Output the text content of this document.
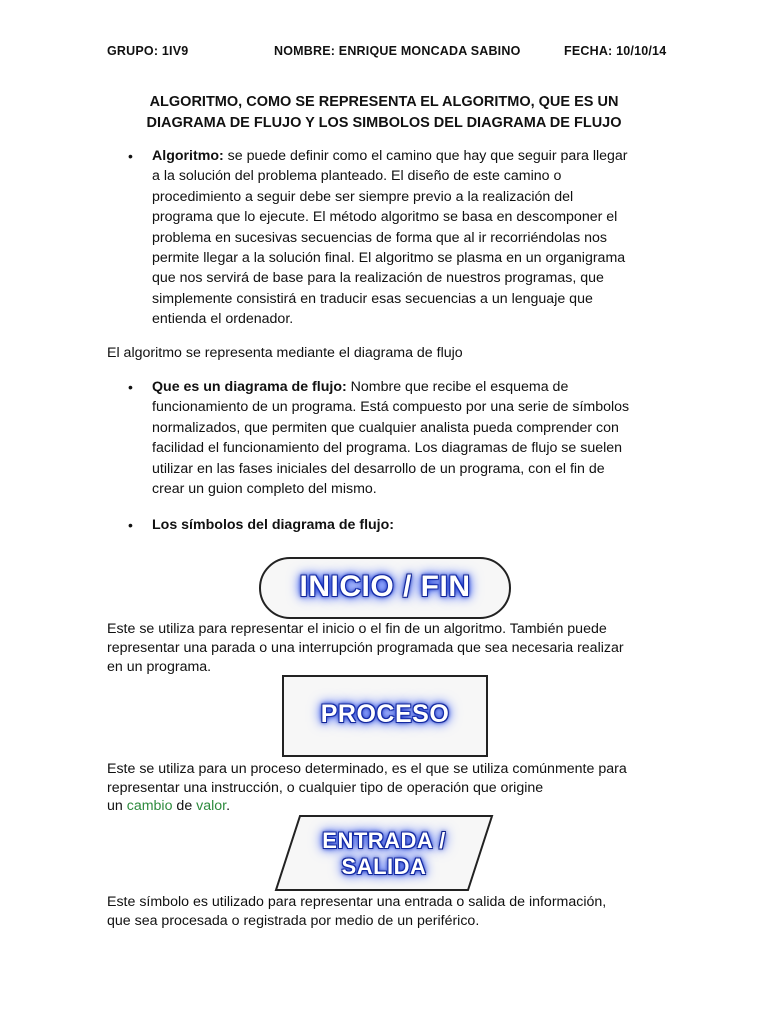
GRUPO: 1IV9	NOMBRE: ENRIQUE MONCADA SABINO	FECHA: 10/10/14
ALGORITMO, COMO SE REPRESENTA EL ALGORITMO, QUE ES UN
DIAGRAMA DE FLUJO Y LOS SIMBOLOS DEL DIAGRAMA DE FLUJO
• Algoritmo: se puede definir como el camino que hay que seguir para llegar
a la solución del problema planteado. El diseño de este camino o
procedimiento a seguir debe ser siempre previo a la realización del
programa que lo ejecute. El método algoritmo se basa en descomponer el
problema en sucesivas secuencias de forma que al ir recorriéndolas nos
permite llegar a la solución final. El algoritmo se plasma en un organigrama
que nos servirá de base para la realización de nuestros programas, que
simplemente consistirá en traducir esas secuencias a un lenguaje que
entienda el ordenador.
El algoritmo se representa mediante el diagrama de flujo
• Que es un diagrama de flujo: Nombre que recibe el esquema de
funcionamiento de un programa. Está compuesto por una serie de símbolos
normalizados, que permiten que cualquier analista pueda comprender con
facilidad el funcionamiento del programa. Los diagramas de flujo se suelen
utilizar en las fases iniciales del desarrollo de un programa, con el fin de
crear un guion completo del mismo.
• Los símbolos del diagrama de flujo:
INICIO / FIN
Este se utiliza para representar el inicio o el fin de un algoritmo. También puede
representar una parada o una interrupción programada que sea necesaria realizar
en un programa.
PROCESO
Este se utiliza para un proceso determinado, es el que se utiliza comúnmente para
representar una instrucción, o cualquier tipo de operación que origine
un cambio de valor.
ENTRADA /
SALIDA
Este símbolo es utilizado para representar una entrada o salida de información,
que sea procesada o registrada por medio de un periférico.
